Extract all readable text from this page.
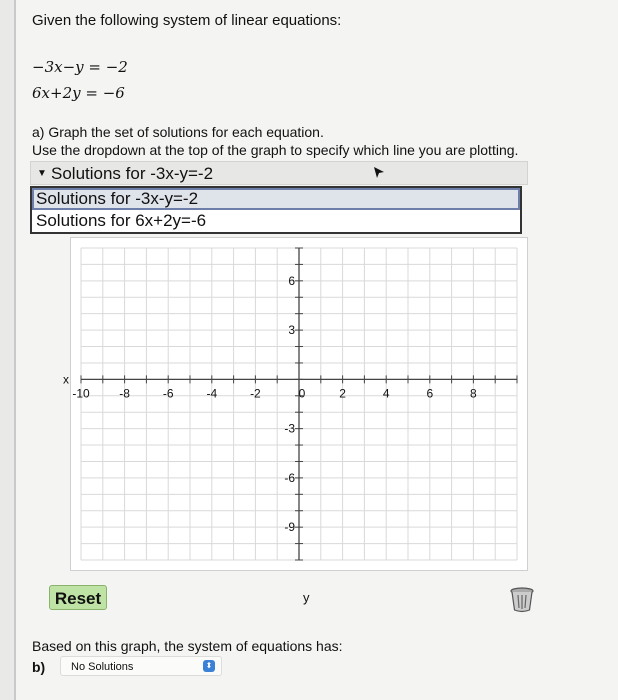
Given the following system of linear equations:
−3x−y = −2
6x+2y = −6
a) Graph the set of solutions for each equation.
Use the dropdown at the top of the graph to specify which line you are plotting.
▼ Solutions for -3x-y=-2
Solutions for -3x-y=-2
Solutions for 6x+2y=-6
-10 -8	-6	-4	-2	0	2	4	6	8
6
3
-3
-6
-9
x
Reset	y
Based on this graph, the system of equations has:
b)	No Solutions	⬍
